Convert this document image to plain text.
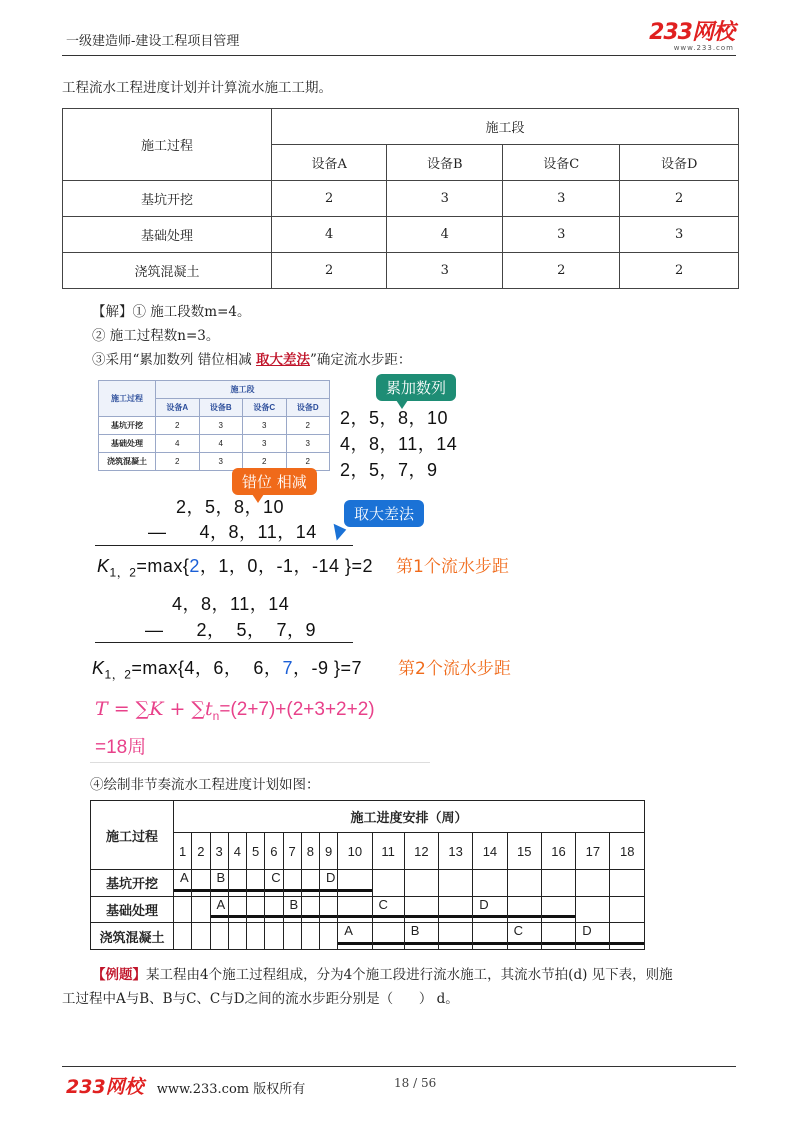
一级建造师-建设工程项目管理	233网校
www.233.com
工程流水工程进度计划并计算流水施工工期。
施工过程	施工段			
	设备A	设备B	设备C	设备D
基坑开挖	2	3	3	2
基础处理	4	4	3	3
浇筑混凝土	2	3	2	2
【解】① 施工段数m=4。
② 施工过程数n=3。
③采用“累加数列 错位相减 取大差法”确定流水步距：
施工过程	施工段			
	设备A	设备B	设备C	设备D
基坑开挖	2	3	3	2
基础处理	4	4	3	3
浇筑混凝土	2	3	2	2
2，5，8，10
4，8，11，14
2，5，7，9
累加数列
错位 相减
取大差法
2，5，8，10
—      4，8，11，14
$K_{1,2}=\max\{2$，1，0，-1，-14 }=2 第1个流水步距
4，8，11，14
—      2，  5，  7，9
$K_{1,2}=\max\{4$，6，  6，7，-9 }=7 第2个流水步距
$T = \sum K + \sum t_n=(2+7)+(2+3+2+2)$
=18周
④绘制非节奏流水工程进度计划如图：
施工过程	施工进度安排（周）																	
	1	2	3	4	5	6	7	8	9	10	11	12	13	14	15	16	17	18
基坑开挖	A		B			C			D									

基础处理			A				B				C			D				

浇筑混凝土										A		B			C		D	

【例题】某工程由4个施工过程组成，分为4个施工段进行流水施工，其流水节拍(d) 见下表，则施
工过程中A与B、B与C、C与D之间的流水步距分别是（      ） d。
233网校 www.233.com 版权所有	18 / 56
